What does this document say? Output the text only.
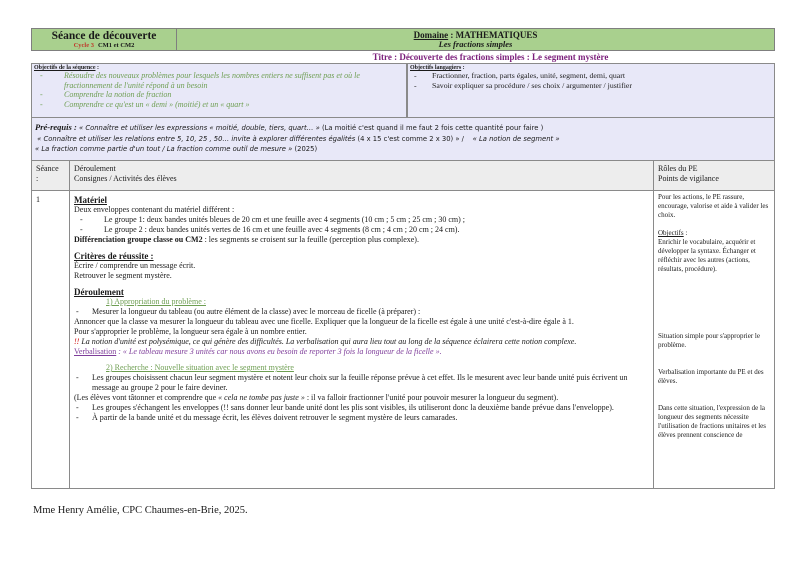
Séance de découverte
Cycle 3 CM1 et CM2
Domaine : MATHEMATIQUES
Les fractions simples
Titre : Découverte des fractions simples : Le segment mystère
Objectifs de la séquence :
- Résoudre des nouveaux problèmes pour lesquels les nombres entiers ne suffisent pas et où le fractionnement de l'unité répond à un besoin
- Comprendre la notion de fraction
- Comprendre ce qu'est un « demi » (moitié) et un « quart »
Objectifs langagiers :
- Fractionner, fraction, parts égales, unité, segment, demi, quart
- Savoir expliquer sa procédure / ses choix / argumenter / justifier
Pré-requis : « Connaître et utiliser les expressions « moitié, double, tiers, quart… » (La moitié c'est quand il me faut 2 fois cette quantité pour faire )
« Connaître et utiliser les relations entre 5, 10, 25 , 50… invite à explorer différentes égalités (4 x 15 c'est comme 2 x 30) » / « La notion de segment »
« La fraction comme partie d'un tout / La fraction comme outil de mesure » (2025)
Séance
:
Déroulement
Consignes / Activités des élèves
Rôles du PE
Points de vigilance
1	Matériel
Deux enveloppes contenant du matériel différent :
- Le groupe 1: deux bandes unités bleues de 20 cm et une feuille avec 4 segments (10 cm ; 5 cm ; 25 cm ; 30 cm) ;
- Le groupe 2 : deux bandes unités vertes de 16 cm et une feuille avec 4 segments (8 cm ; 4 cm ; 20 cm ; 24 cm).
Différenciation groupe classe ou CM2 : les segments se croisent sur la feuille (perception plus complexe).
Critères de réussite :
Écrire / comprendre un message écrit.
Retrouver le segment mystère.
Déroulement
1) Appropriation du problème :
- Mesurer la longueur du tableau (ou autre élément de la classe) avec le morceau de ficelle (à préparer) :
Annoncer que la classe va mesurer la longueur du tableau avec une ficelle. Expliquer que la longueur de la ficelle est égale à une unité c'est-à-dire égale à 1.
Pour s'approprier le problème, la longueur sera égale à un nombre entier.
!! La notion d'unité est polysémique, ce qui génère des difficultés. La verbalisation qui aura lieu tout au long de la séquence éclairera cette notion complexe.
Verbalisation : « Le tableau mesure 3 unités car nous avons eu besoin de reporter 3 fois la longueur de la ficelle ».
2) Recherche : Nouvelle situation avec le segment mystère
- Les groupes choisissent chacun leur segment mystère et notent leur choix sur la feuille réponse prévue à cet effet. Ils le mesurent avec leur bande unité puis écrivent un message au groupe 2 pour le faire deviner.
(Les élèves vont tâtonner et comprendre que « cela ne tombe pas juste » : il va falloir fractionner l'unité pour pouvoir mesurer la longueur du segment).
- Les groupes s'échangent les enveloppes (!! sans donner leur bande unité dont les plis sont visibles, ils utiliseront donc la deuxième bande prévue dans l'enveloppe).
- À partir de la bande unité et du message écrit, les élèves doivent retrouver le segment mystère de leurs camarades.

Pour les actions, le PE rassure, encourage, valorise et aide à valider les choix.

Objectifs :

Enrichir le vocabulaire, acquérir et développer la syntaxe. Échanger et réfléchir avec les autres (actions, résultats, procédure).

Situation simple pour s'approprier le problème.

Verbalisation importante du PE et des élèves.

Dans cette situation, l'expression de la longueur des segments nécessite l'utilisation de fractions unitaires et les élèves prennent conscience de

Mme Henry Amélie, CPC Chaumes-en-Brie, 2025.
